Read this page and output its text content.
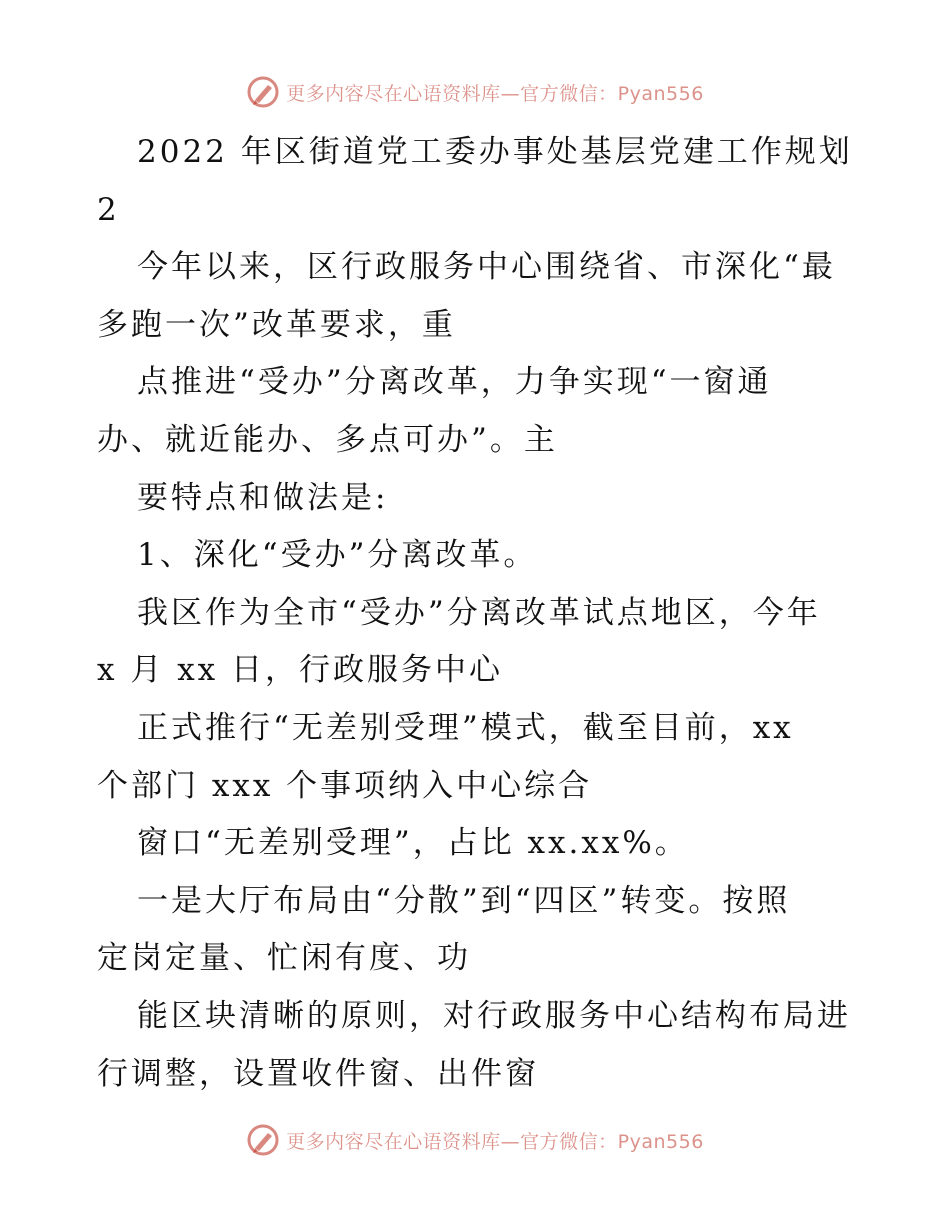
更多内容尽在心语资料库—官方微信：Pyan556
2022 年区街道党工委办事处基层党建工作规划
2
今年以来，区行政服务中心围绕省、市深化“最
多跑一次”改革要求，重
点推进“受办”分离改革，力争实现“一窗通
办、就近能办、多点可办”。主
要特点和做法是:
1、深化“受办”分离改革。
我区作为全市“受办”分离改革试点地区，今年
x 月 xx 日，行政服务中心
正式推行“无差别受理”模式，截至目前，xx
个部门 xxx 个事项纳入中心综合
窗口“无差别受理”，占比 xx.xx%。
一是大厅布局由“分散”到“四区”转变。按照
定岗定量、忙闲有度、功
能区块清晰的原则，对行政服务中心结构布局进
行调整，设置收件窗、出件窗
更多内容尽在心语资料库—官方微信：Pyan556
